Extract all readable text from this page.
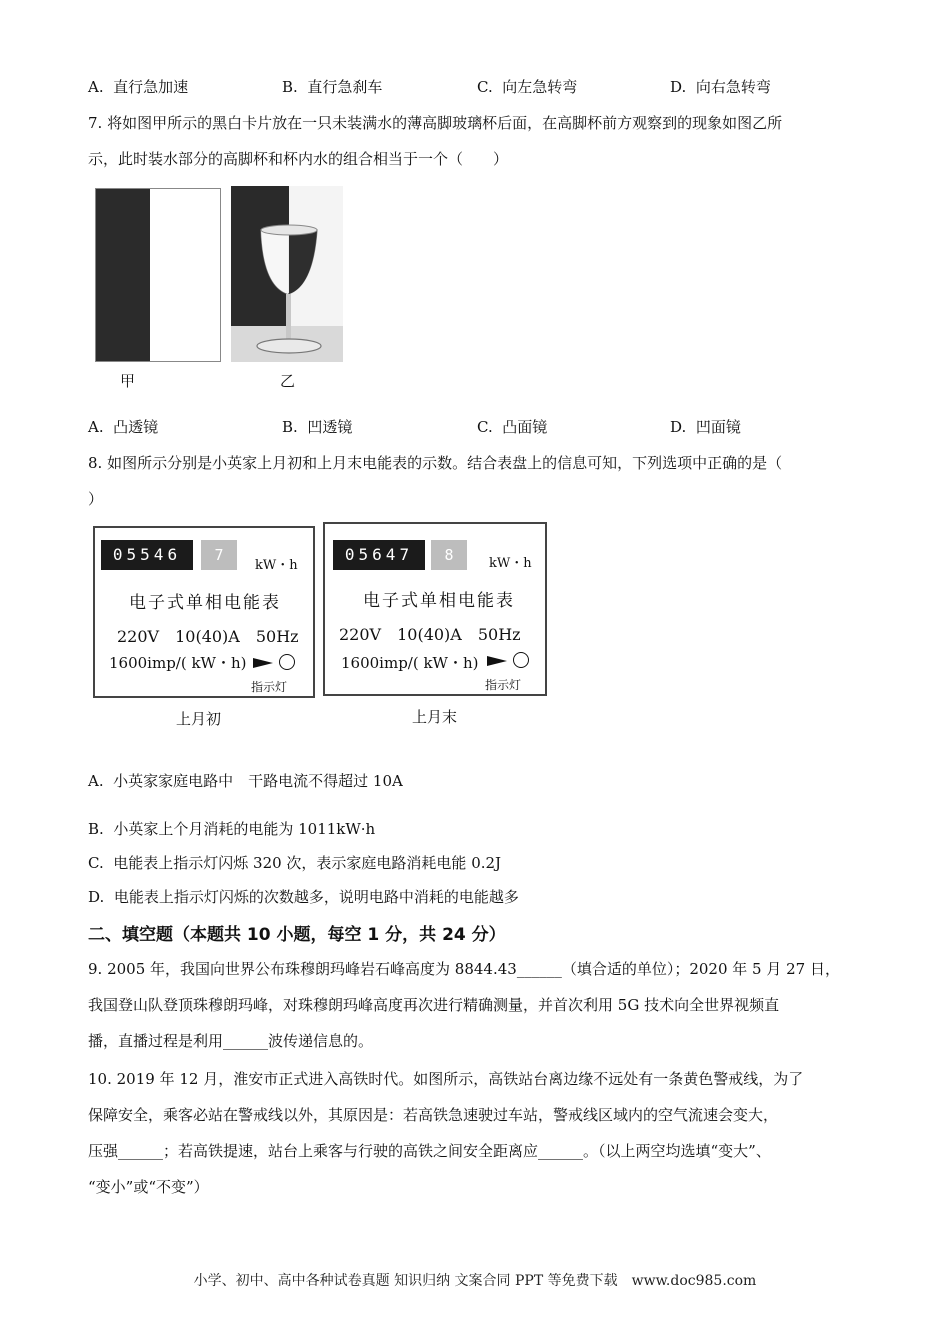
A. 直行急加速	B. 直行急刹车	C. 向左急转弯	D. 向右急转弯
7. 将如图甲所示的黑白卡片放在一只未装满水的薄高脚玻璃杯后面，在高脚杯前方观察到的现象如图乙所
示，此时装水部分的高脚杯和杯内水的组合相当于一个（　　）
甲	乙
A. 凸透镜	B. 凹透镜	C. 凸面镜	D. 凹面镜
8. 如图所示分别是小英家上月初和上月末电能表的示数。结合表盘上的信息可知，下列选项中正确的是（
）
05546	7
kW・h
电子式单相电能表
220V　10(40)A　50Hz
1600imp/( kW・h)
指示灯
上月初
05647	8	kW・h
电子式单相电能表
220V　10(40)A　50Hz
1600imp/( kW・h)
指示灯
上月末
A. 小英家家庭电路中　干路电流不得超过 10A
B. 小英家上个月消耗的电能为 1011kW·h
C. 电能表上指示灯闪烁 320 次，表示家庭电路消耗电能 0.2J
D. 电能表上指示灯闪烁的次数越多，说明电路中消耗的电能越多
二、填空题（本题共 10 小题，每空 1 分，共 24 分）
9. 2005 年，我国向世界公布珠穆朗玛峰岩石峰高度为 8844.43______（填合适的单位）；2020 年 5 月 27 日，
我国登山队登顶珠穆朗玛峰，对珠穆朗玛峰高度再次进行精确测量，并首次利用 5G 技术向全世界视频直
播，直播过程是利用______波传递信息的。
10. 2019 年 12 月，淮安市正式进入高铁时代。如图所示，高铁站台离边缘不远处有一条黄色警戒线，为了
保障安全，乘客必站在警戒线以外，其原因是：若高铁急速驶过车站，警戒线区域内的空气流速会变大，
压强______；若高铁提速，站台上乘客与行驶的高铁之间安全距离应______。（以上两空均选填“变大”、
“变小”或“不变”）
小学、初中、高中各种试卷真题 知识归纳 文案合同 PPT 等免费下载　www.doc985.com
